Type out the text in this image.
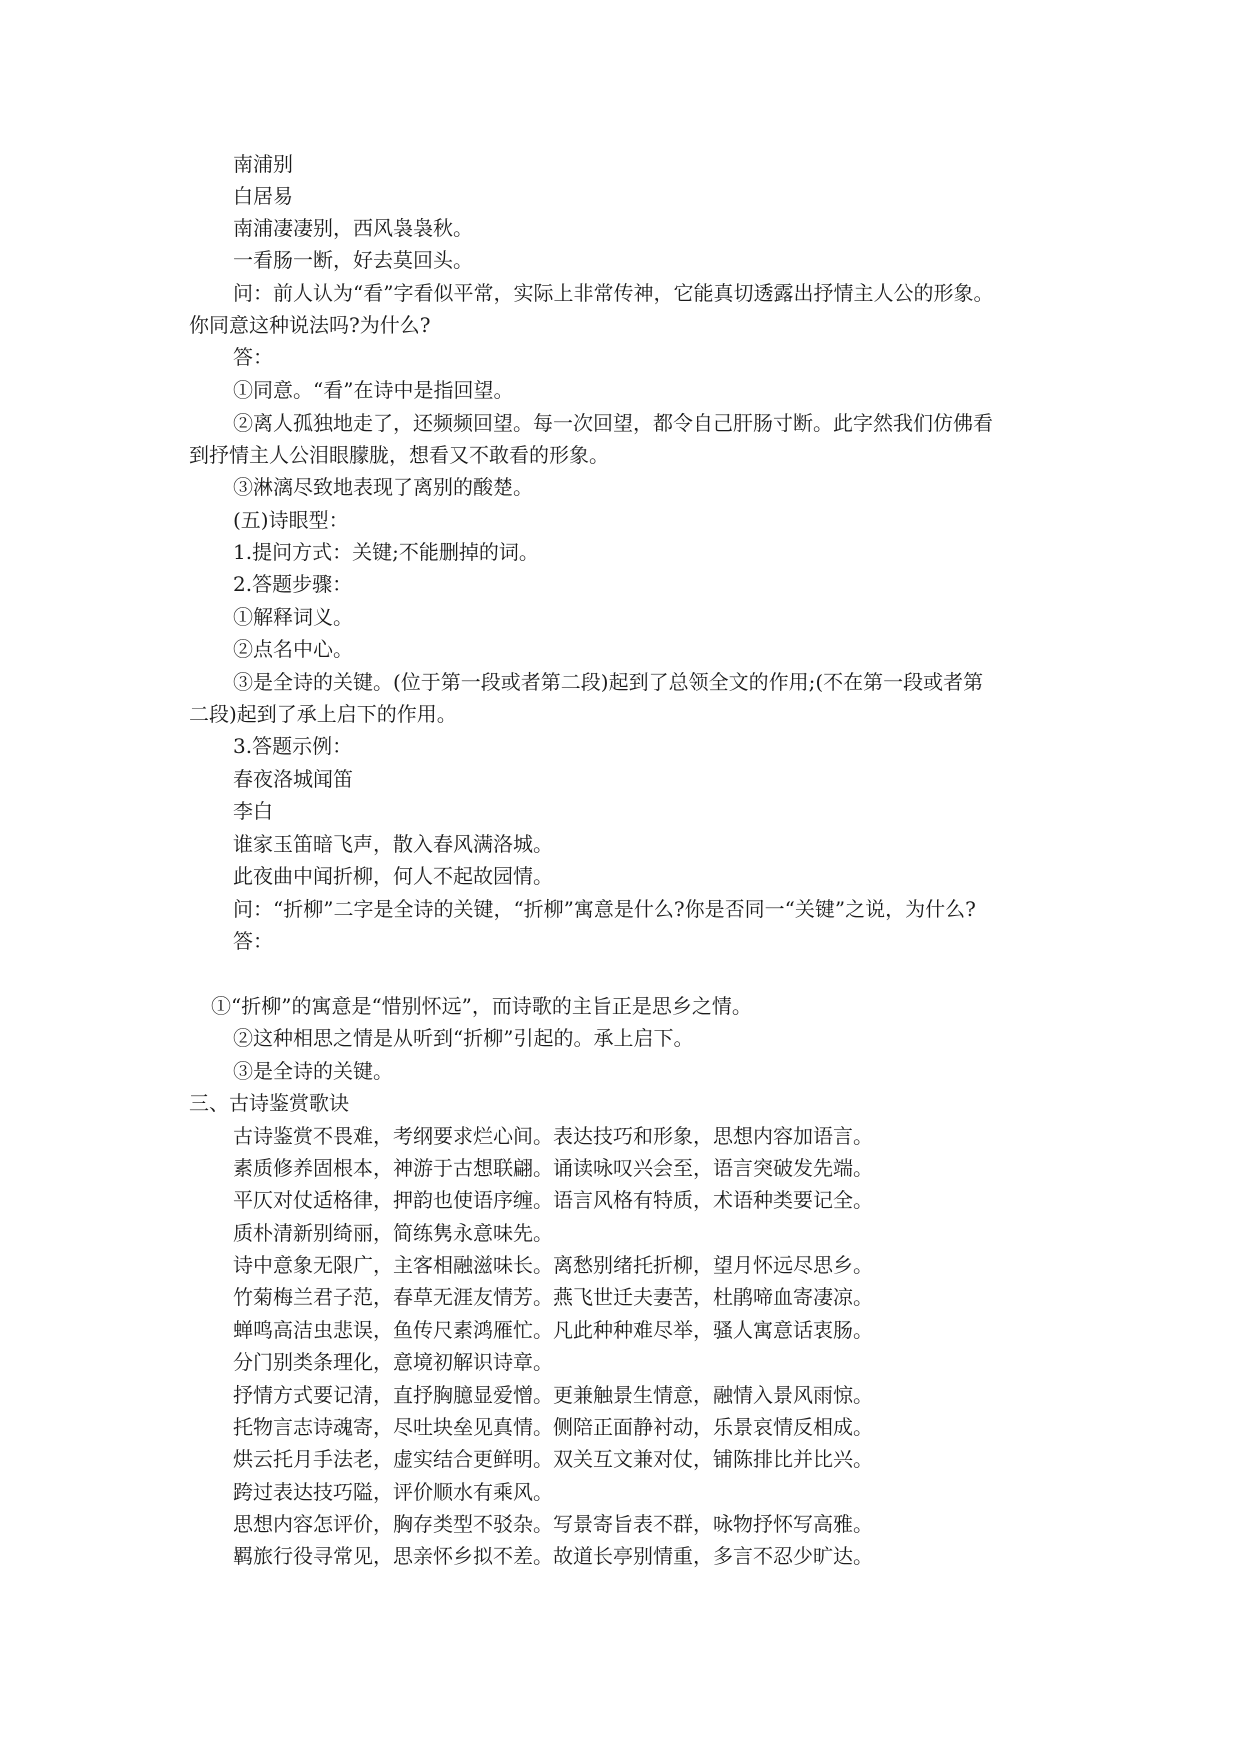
南浦别
白居易
南浦凄凄别，西风袅袅秋。
一看肠一断，好去莫回头。
问：前人认为“看”字看似平常，实际上非常传神，它能真切透露出抒情主人公的形象。
你同意这种说法吗?为什么?
答：
①同意。“看”在诗中是指回望。
②离人孤独地走了，还频频回望。每一次回望，都令自己肝肠寸断。此字然我们仿佛看
到抒情主人公泪眼朦胧，想看又不敢看的形象。
③淋漓尽致地表现了离别的酸楚。
(五)诗眼型：
1.提问方式：关键;不能删掉的词。
2.答题步骤：
①解释词义。
②点名中心。
③是全诗的关键。(位于第一段或者第二段)起到了总领全文的作用;(不在第一段或者第
二段)起到了承上启下的作用。
3.答题示例：
春夜洛城闻笛
李白
谁家玉笛暗飞声，散入春风满洛城。
此夜曲中闻折柳，何人不起故园情。
问：“折柳”二字是全诗的关键，“折柳”寓意是什么?你是否同一“关键”之说，为什么?
答：
①“折柳”的寓意是“惜别怀远”，而诗歌的主旨正是思乡之情。
②这种相思之情是从听到“折柳”引起的。承上启下。
③是全诗的关键。
三、古诗鉴赏歌诀
古诗鉴赏不畏难，考纲要求烂心间。表达技巧和形象，思想内容加语言。
素质修养固根本，神游于古想联翩。诵读咏叹兴会至，语言突破发先端。
平仄对仗适格律，押韵也使语序缠。语言风格有特质，术语种类要记全。
质朴清新别绮丽，简练隽永意味先。
诗中意象无限广，主客相融滋味长。离愁别绪托折柳，望月怀远尽思乡。
竹菊梅兰君子范，春草无涯友情芳。燕飞世迁夫妻苦，杜鹃啼血寄凄凉。
蝉鸣高洁虫悲误，鱼传尺素鸿雁忙。凡此种种难尽举，骚人寓意话衷肠。
分门别类条理化，意境初解识诗章。
抒情方式要记清，直抒胸臆显爱憎。更兼触景生情意，融情入景风雨惊。
托物言志诗魂寄，尽吐块垒见真情。侧陪正面静衬动，乐景哀情反相成。
烘云托月手法老，虚实结合更鲜明。双关互文兼对仗，铺陈排比并比兴。
跨过表达技巧隘，评价顺水有乘风。
思想内容怎评价，胸存类型不驳杂。写景寄旨表不群，咏物抒怀写高雅。
羁旅行役寻常见，思亲怀乡拟不差。故道长亭别情重，多言不忍少旷达。
